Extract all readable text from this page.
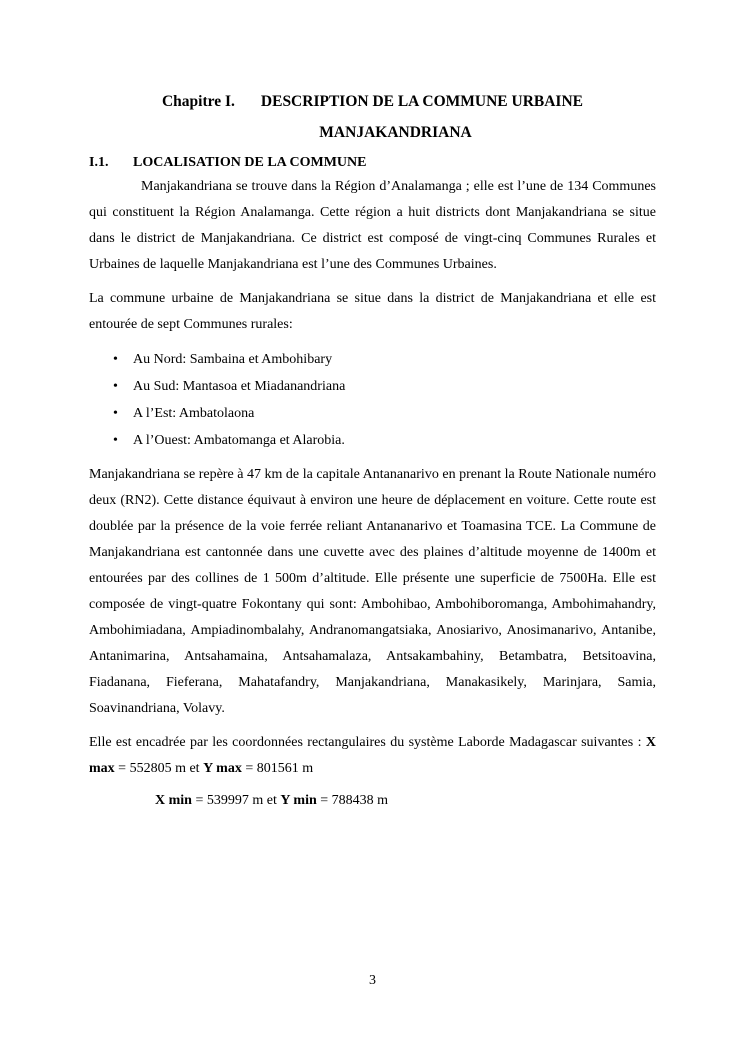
Chapitre I. DESCRIPTION DE LA COMMUNE URBAINE
MANJAKANDRIANA
I.1.	LOCALISATION DE LA COMMUNE

Manjakandriana se trouve dans la Région d’Analamanga ; elle est l’une de 134 Communes qui constituent la Région Analamanga. Cette région a huit districts dont Manjakandriana se situe dans le district de Manjakandriana. Ce district est composé de vingt-cinq Communes Rurales et Urbaines de laquelle Manjakandriana est l’une des Communes Urbaines.

La commune urbaine de Manjakandriana se situe dans la district de Manjakandriana et elle est entourée de sept Communes rurales:

• Au Nord: Sambaina et Ambohibary
• Au Sud: Mantasoa et Miadanandriana
• A l’Est: Ambatolaona
• A l’Ouest: Ambatomanga et Alarobia.

Manjakandriana se repère à 47 km de la capitale Antananarivo en prenant la Route Nationale numéro deux (RN2). Cette distance équivaut à environ une heure de déplacement en voiture. Cette route est doublée par la présence de la voie ferrée reliant Antananarivo et Toamasina TCE. La Commune de Manjakandriana est cantonnée dans une cuvette avec des plaines d’altitude moyenne de 1400m et entourées par des collines de 1 500m d’altitude. Elle présente une superficie de 7500Ha. Elle est composée de vingt-quatre Fokontany qui sont: Ambohibao, Ambohiboromanga, Ambohimahandry, Ambohimiadana, Ampiadinombalahy, Andranomangatsiaka, Anosiarivo, Anosimanarivo, Antanibe, Antanimarina, Antsahamaina, Antsahamalaza, Antsakambahiny, Betambatra, Betsitoavina, Fiadanana, Fieferana, Mahatafandry, Manjakandriana, Manakasikely, Marinjara, Samia, Soavinandriana, Volavy.

Elle est encadrée par les coordonnées rectangulaires du système Laborde Madagascar suivantes : X max = 552805 m et Y max = 801561 m

X min = 539997 m et Y min = 788438 m
3
